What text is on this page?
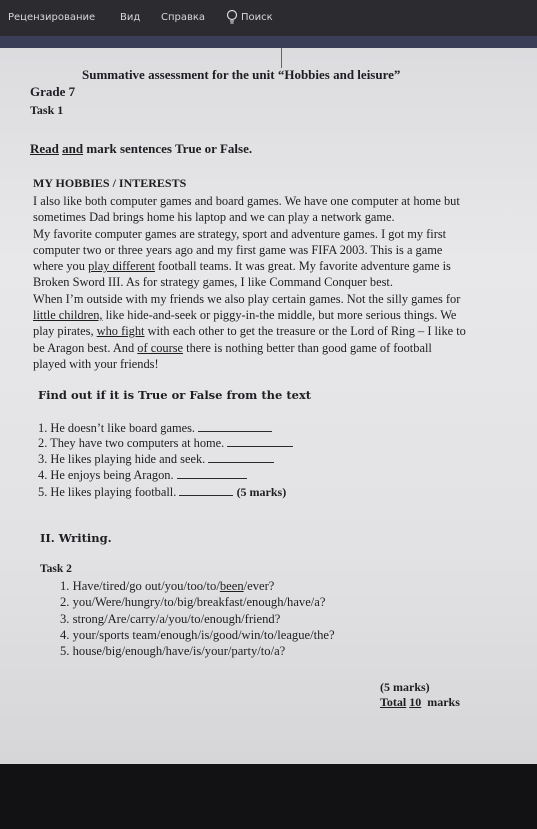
Рецензирование Вид Справка	Поиск
Summative assessment for the unit “Hobbies and leisure”
Grade 7
Task 1
Read and mark sentences True or False.
MY HOBBIES / INTERESTS
I also like both computer games and board games. We have one computer at home but
sometimes Dad brings home his laptop and we can play a network game.
My favorite computer games are strategy, sport and adventure games. I got my first
computer two or three years ago and my first game was FIFA 2003. This is a game
where you play different football teams. It was great. My favorite adventure game is
Broken Sword III. As for strategy games, I like Command Conquer best.
When I’m outside with my friends we also play certain games. Not the silly games for
little children, like hide-and-seek or piggy-in-the middle, but more serious things. We
play pirates, who fight with each other to get the treasure or the Lord of Ring – I like to
be Aragon best. And of course there is nothing better than good game of football
played with your friends!
Find out if it is True or False from the text
1. He doesn’t like board games.
2. They have two computers at home.
3. He likes playing hide and seek.
4. He enjoys being Aragon.
5. He likes playing football.	(5 marks)
II. Writing.
Task 2
1. Have/tired/go out/you/too/to/been/ever?
2. you/Were/hungry/to/big/breakfast/enough/have/a?
3. strong/Are/carry/a/you/to/enough/friend?
4. your/sports team/enough/is/good/win/to/league/the?
5. house/big/enough/have/is/your/party/to/a?
(5 marks)
Total 10 marks
